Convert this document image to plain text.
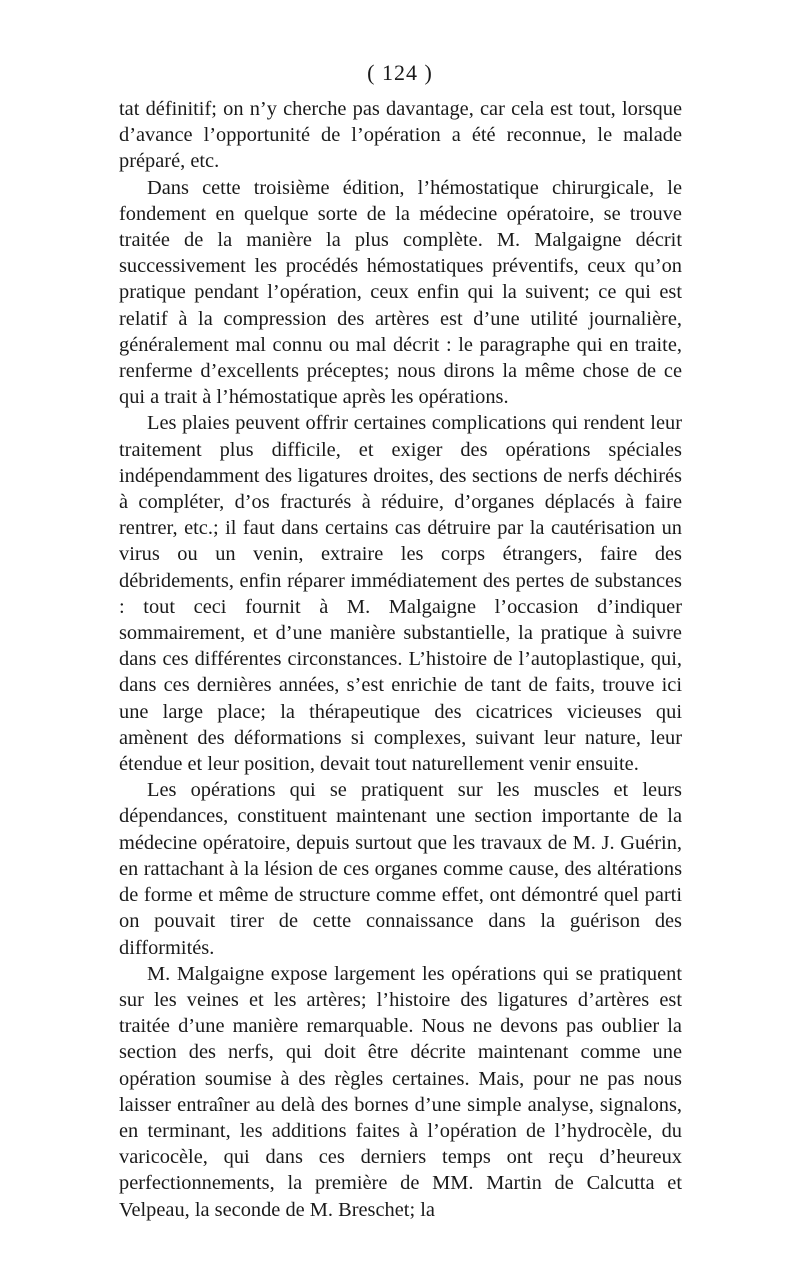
( 124 )

tat définitif; on n’y cherche pas davantage, car cela est tout, lorsque d’avance l’opportunité de l’opération a été reconnue, le malade préparé, etc.

Dans cette troisième édition, l’hémostatique chirurgicale, le fondement en quelque sorte de la médecine opératoire, se trouve traitée de la manière la plus complète. M. Malgaigne décrit successivement les procédés hémostatiques préventifs, ceux qu’on pratique pendant l’opération, ceux enfin qui la suivent; ce qui est relatif à la compression des artères est d’une utilité journalière, généralement mal connu ou mal décrit : le paragraphe qui en traite, renferme d’excellents préceptes; nous dirons la même chose de ce qui a trait à l’hémostatique après les opérations.

Les plaies peuvent offrir certaines complications qui rendent leur traitement plus difficile, et exiger des opérations spéciales indépendamment des ligatures droites, des sections de nerfs déchirés à compléter, d’os fracturés à réduire, d’organes déplacés à faire rentrer, etc.; il faut dans certains cas détruire par la cautérisation un virus ou un venin, extraire les corps étrangers, faire des débridements, enfin réparer immédiatement des pertes de substances : tout ceci fournit à M. Malgaigne l’occasion d’indiquer sommairement, et d’une manière substantielle, la pratique à suivre dans ces différentes circonstances. L’histoire de l’autoplastique, qui, dans ces dernières années, s’est enrichie de tant de faits, trouve ici une large place; la thérapeutique des cicatrices vicieuses qui amènent des déformations si complexes, suivant leur nature, leur étendue et leur position, devait tout naturellement venir ensuite.

Les opérations qui se pratiquent sur les muscles et leurs dépendances, constituent maintenant une section importante de la médecine opératoire, depuis surtout que les travaux de M. J. Guérin, en rattachant à la lésion de ces organes comme cause, des altérations de forme et même de structure comme effet, ont démontré quel parti on pouvait tirer de cette connaissance dans la guérison des difformités.

M. Malgaigne expose largement les opérations qui se pratiquent sur les veines et les artères; l’histoire des ligatures d’artères est traitée d’une manière remarquable. Nous ne devons pas oublier la section des nerfs, qui doit être décrite maintenant comme une opération soumise à des règles certaines. Mais, pour ne pas nous laisser entraîner au delà des bornes d’une simple analyse, signalons, en terminant, les additions faites à l’opération de l’hydrocèle, du varicocèle, qui dans ces derniers temps ont reçu d’heureux perfectionnements, la première de MM. Martin de Calcutta et Velpeau, la seconde de M. Breschet; la
